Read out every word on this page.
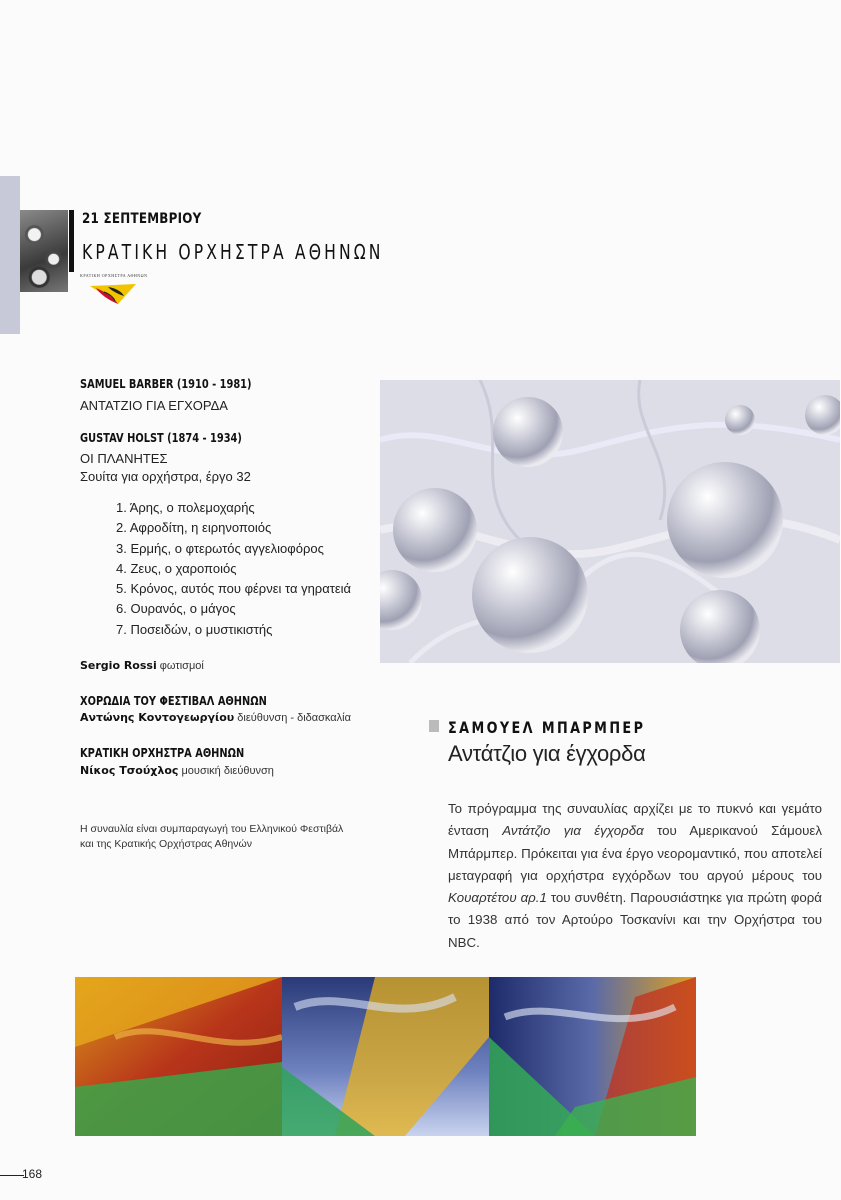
21 ΣΕΠΤΕΜΒΡΙΟΥ
ΚΡΑΤΙΚΗ ΟΡΧΗΣΤΡΑ ΑΘΗΝΩΝ
ΚΡΑΤΙΚΗ ΟΡΧΗΣΤΡΑ ΑΘΗΝΩΝ
SAMUEL BARBER (1910 - 1981)
ΑΝΤΑΤΖΙΟ ΓΙΑ ΕΓΧΟΡΔΑ
GUSTAV HOLST (1874 - 1934)
ΟΙ ΠΛΑΝΗΤΕΣ
Σουίτα για ορχήστρα, έργο 32
1. Άρης, ο πολεμοχαρής
2. Αφροδίτη, η ειρηνοποιός
3. Ερμής, ο φτερωτός αγγελιοφόρος
4. Ζευς, ο χαροποιός
5. Κρόνος, αυτός που φέρνει τα γηρατειά
6. Ουρανός, ο μάγος
7. Ποσειδών, ο μυστικιστής
Sergio Rossi φωτισμοί
ΧΟΡΩΔΙΑ ΤΟΥ ΦΕΣΤΙΒΑΛ ΑΘΗΝΩΝ
Αντώνης Κοντογεωργίου διεύθυνση - διδασκαλία
ΚΡΑΤΙΚΗ ΟΡΧΗΣΤΡΑ ΑΘΗΝΩΝ
Νίκος Τσούχλος μουσική διεύθυνση
Η συναυλία είναι συμπαραγωγή του Ελληνικού Φεστιβάλ και της Κρατικής Ορχήστρας Αθηνών
ΣΑΜΟΥΕΛ ΜΠΑΡΜΠΕΡ
Αντάτζιο για έγχορδα
Το πρόγραμμα της συναυλίας αρχίζει με το πυκνό και γεμάτο ένταση Αντάτζιο για έγχορδα του Αμερικανού Σάμουελ Μπάρμπερ. Πρόκειται για ένα έργο νεορομαντικό, που αποτελεί μεταγραφή για ορχήστρα εγχόρδων του αργού μέρους του Κουαρτέτου αρ.1 του συνθέτη. Παρουσιάστηκε για πρώτη φορά το 1938 από τον Αρτούρο Τοσκανίνι και την Ορχήστρα του NBC.
168
